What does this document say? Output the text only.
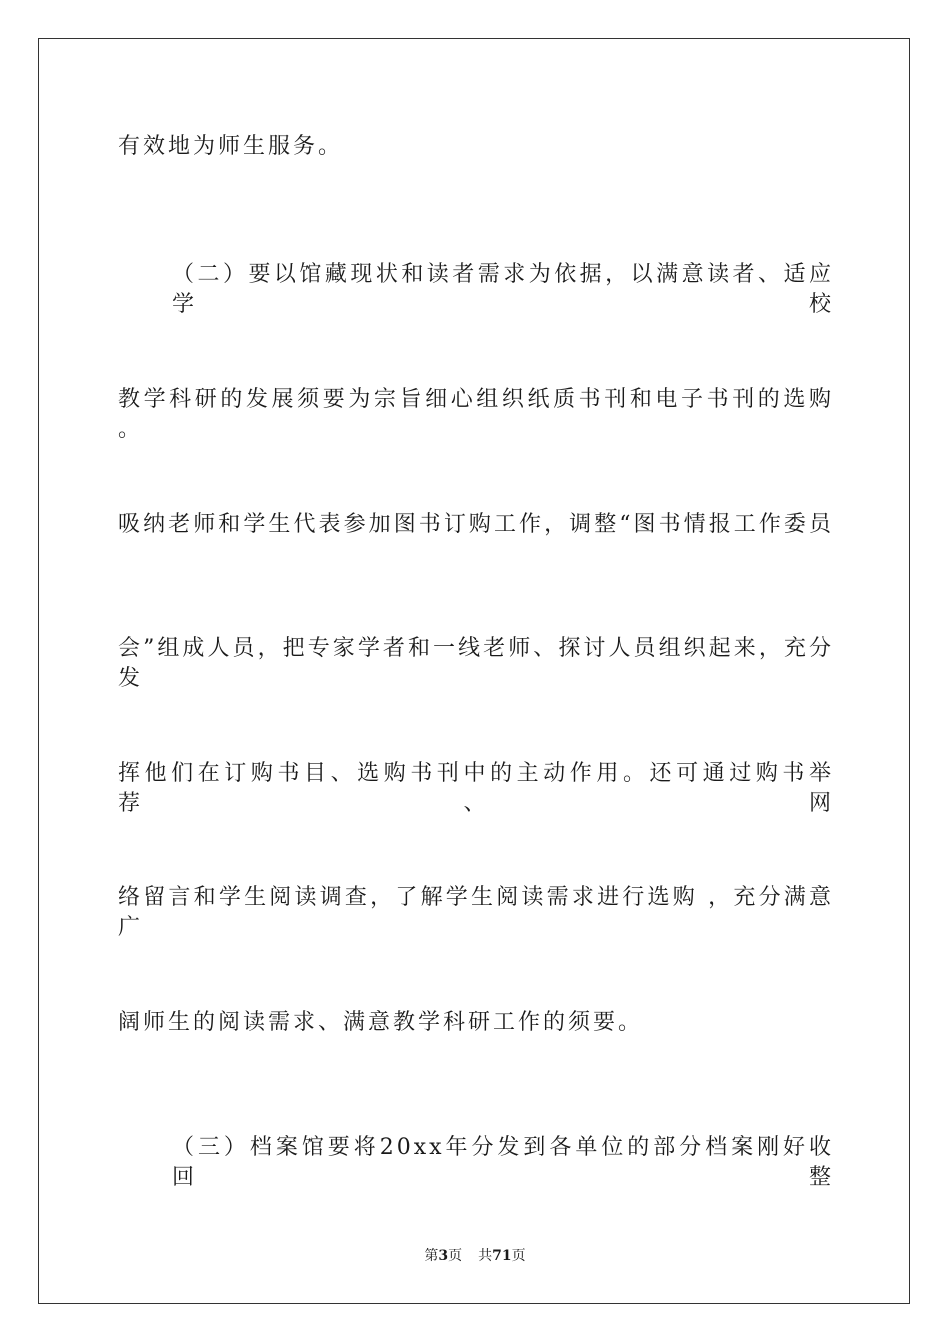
有效地为师生服务。
（二）要以馆藏现状和读者需求为依据，以满意读者、适应学校
教学科研的发展须要为宗旨细心组织纸质书刊和电子书刊的选购 。
吸纳老师和学生代表参加图书订购工作，调整“图书情报工作委员
会”组成人员，把专家学者和一线老师、探讨人员组织起来，充分发
挥他们在订购书目、选购书刊中的主动作用。还可通过购书举荐、网
络留言和学生阅读调查，了解学生阅读需求进行选购 ，充分满意广
阔师生的阅读需求、满意教学科研工作的须要。
（三）档案馆要将20xx年分发到各单位的部分档案刚好收回整
第3页 共71页
